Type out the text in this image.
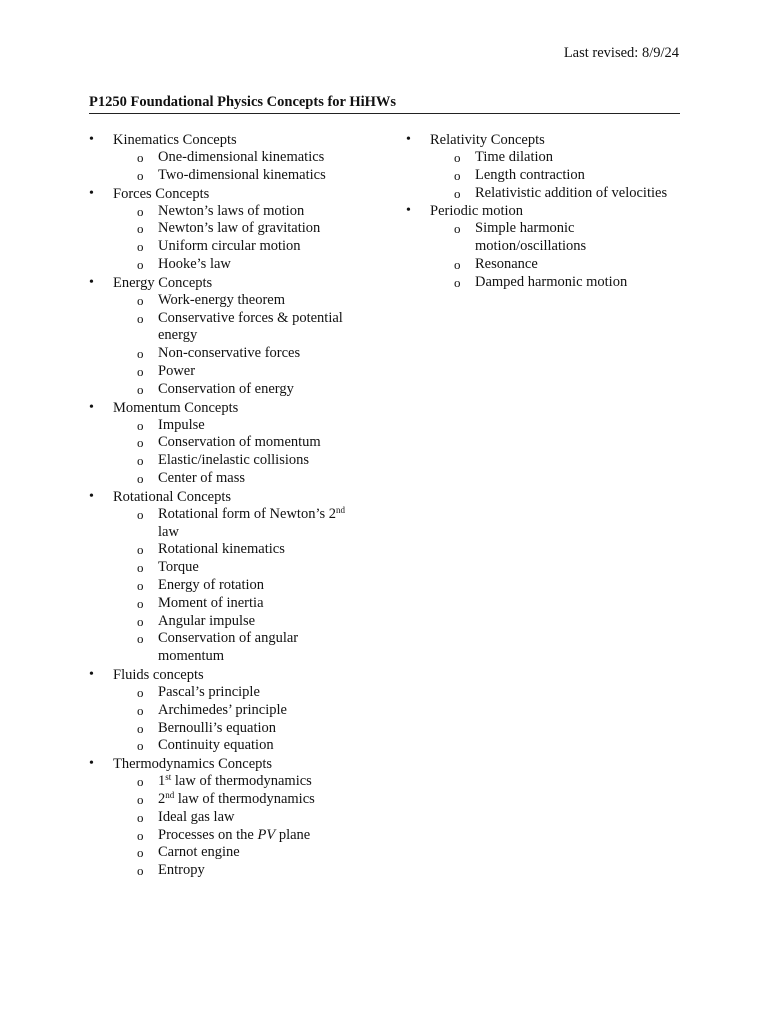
Last revised: 8/9/24
P1250 Foundational Physics Concepts for HiHWs
• Kinematics Concepts
o One-dimensional kinematics
o Two-dimensional kinematics
• Forces Concepts
o Newton’s laws of motion
o Newton’s law of gravitation
o Uniform circular motion
o Hooke’s law
• Energy Concepts
o Work-energy theorem
o Conservative forces & potential energy
o Non-conservative forces
o Power
o Conservation of energy
• Momentum Concepts
o Impulse
o Conservation of momentum
o Elastic/inelastic collisions
o Center of mass
• Rotational Concepts
o Rotational form of Newton’s 2nd law
o Rotational kinematics
o Torque
o Energy of rotation
o Moment of inertia
o Angular impulse
o Conservation of angular momentum
• Fluids concepts
o Pascal’s principle
o Archimedes’ principle
o Bernoulli’s equation
o Continuity equation
• Thermodynamics Concepts
o 1st law of thermodynamics
o 2nd law of thermodynamics
o Ideal gas law
o Processes on the PV plane
o Carnot engine
o Entropy
• Relativity Concepts
o Time dilation
o Length contraction
o Relativistic addition of velocities
• Periodic motion
o Simple harmonic motion/oscillations
o Resonance
o Damped harmonic motion
